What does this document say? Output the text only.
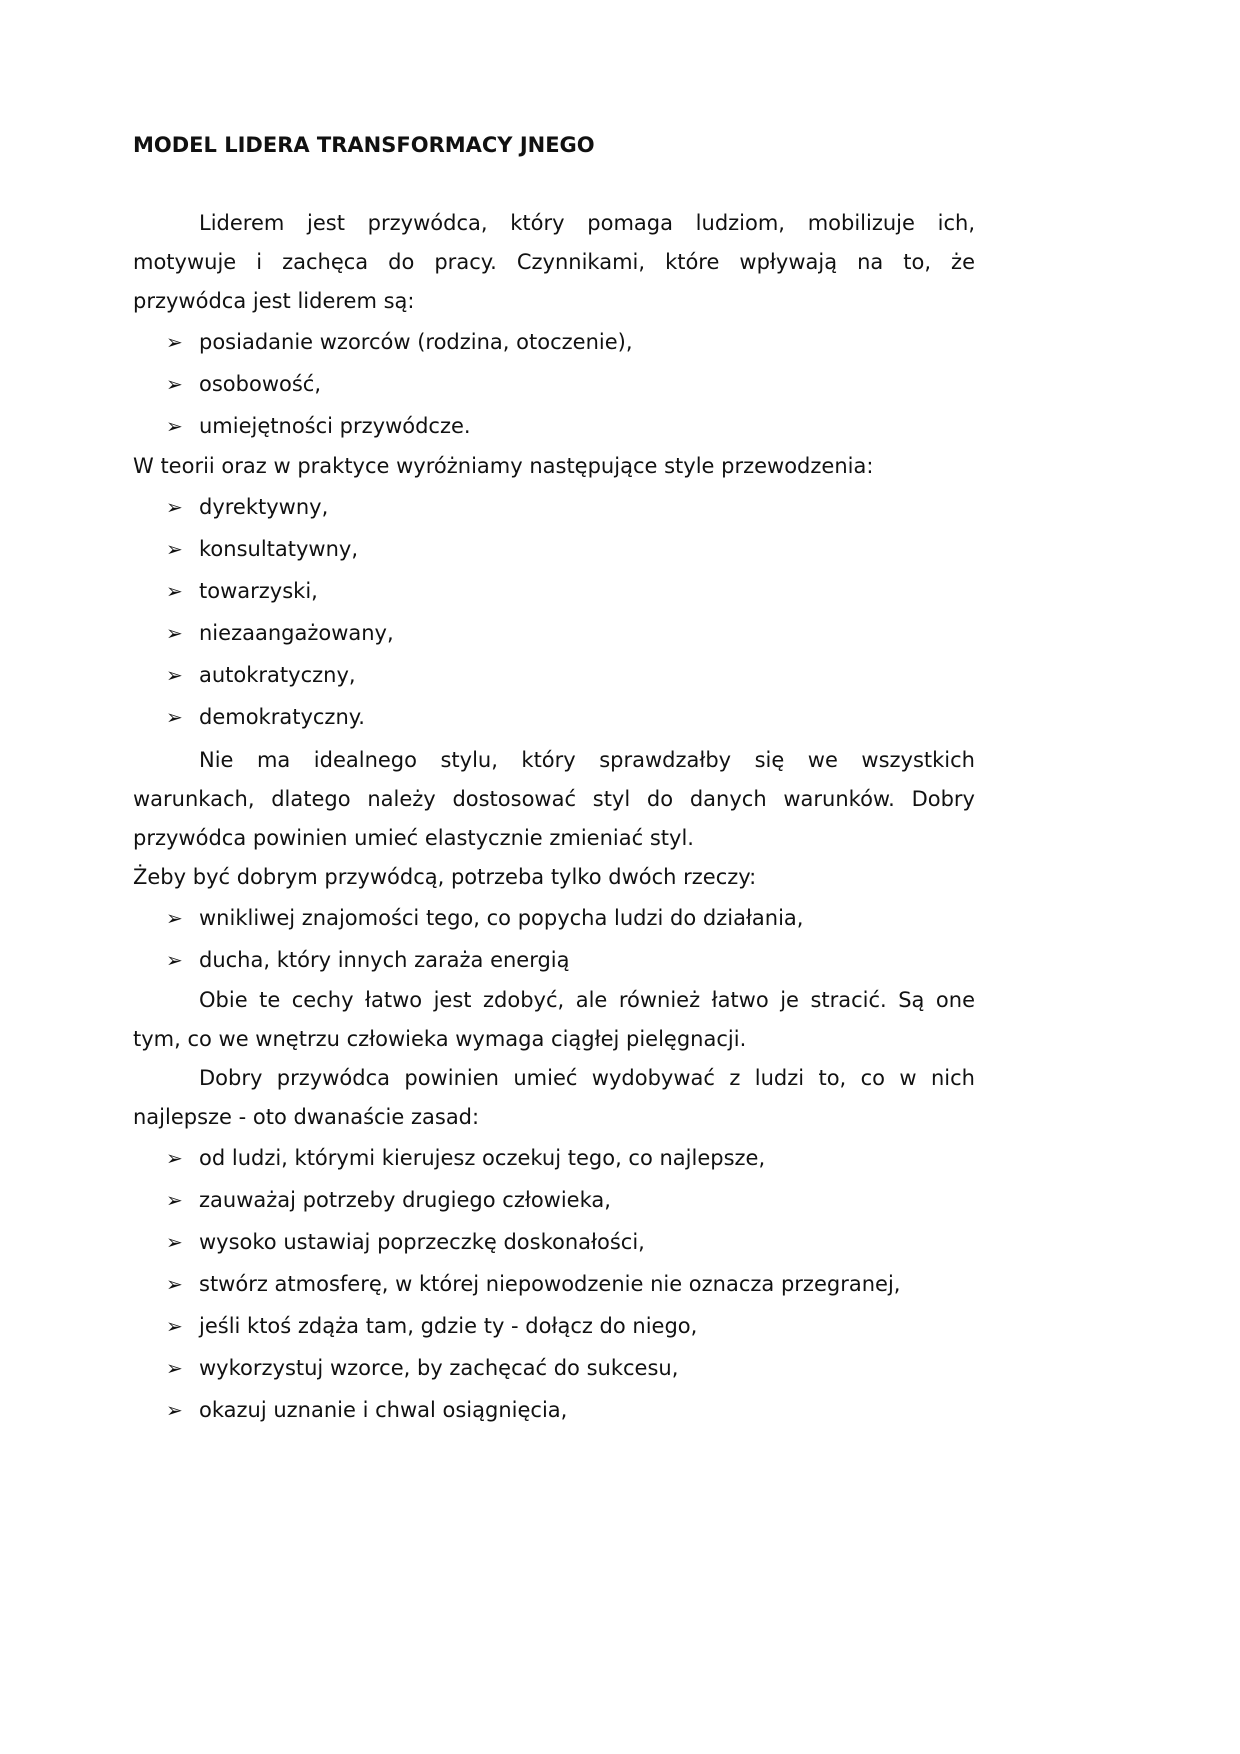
MODEL LIDERA TRANSFORMACY JNEGO
Liderem jest przywódca, który pomaga ludziom, mobilizuje ich,
motywuje i zachęca do pracy. Czynnikami, które wpływają na to, że
przywódca jest liderem są:
➢ posiadanie wzorców (rodzina, otoczenie),
➢ osobowość,
➢ umiejętności przywódcze.
W teorii oraz w praktyce wyróżniamy następujące style przewodzenia:
➢ dyrektywny,
➢ konsultatywny,
➢ towarzyski,
➢ niezaangażowany,
➢ autokratyczny,
➢ demokratyczny.
Nie ma idealnego stylu, który sprawdzałby się we wszystkich
warunkach, dlatego należy dostosować styl do danych warunków. Dobry
przywódca powinien umieć elastycznie zmieniać styl.
Żeby być dobrym przywódcą, potrzeba tylko dwóch rzeczy:
➢ wnikliwej znajomości tego, co popycha ludzi do działania,
➢ ducha, który innych zaraża energią
Obie te cechy łatwo jest zdobyć, ale również łatwo je stracić. Są one
tym, co we wnętrzu człowieka wymaga ciągłej pielęgnacji.
Dobry przywódca powinien umieć wydobywać z ludzi to, co w nich
najlepsze - oto dwanaście zasad:
➢ od ludzi, którymi kierujesz oczekuj tego, co najlepsze,
➢ zauważaj potrzeby drugiego człowieka,
➢ wysoko ustawiaj poprzeczkę doskonałości,
➢ stwórz atmosferę, w której niepowodzenie nie oznacza przegranej,
➢ jeśli ktoś zdąża tam, gdzie ty - dołącz do niego,
➢ wykorzystuj wzorce, by zachęcać do sukcesu,
➢ okazuj uznanie i chwal osiągnięcia,
